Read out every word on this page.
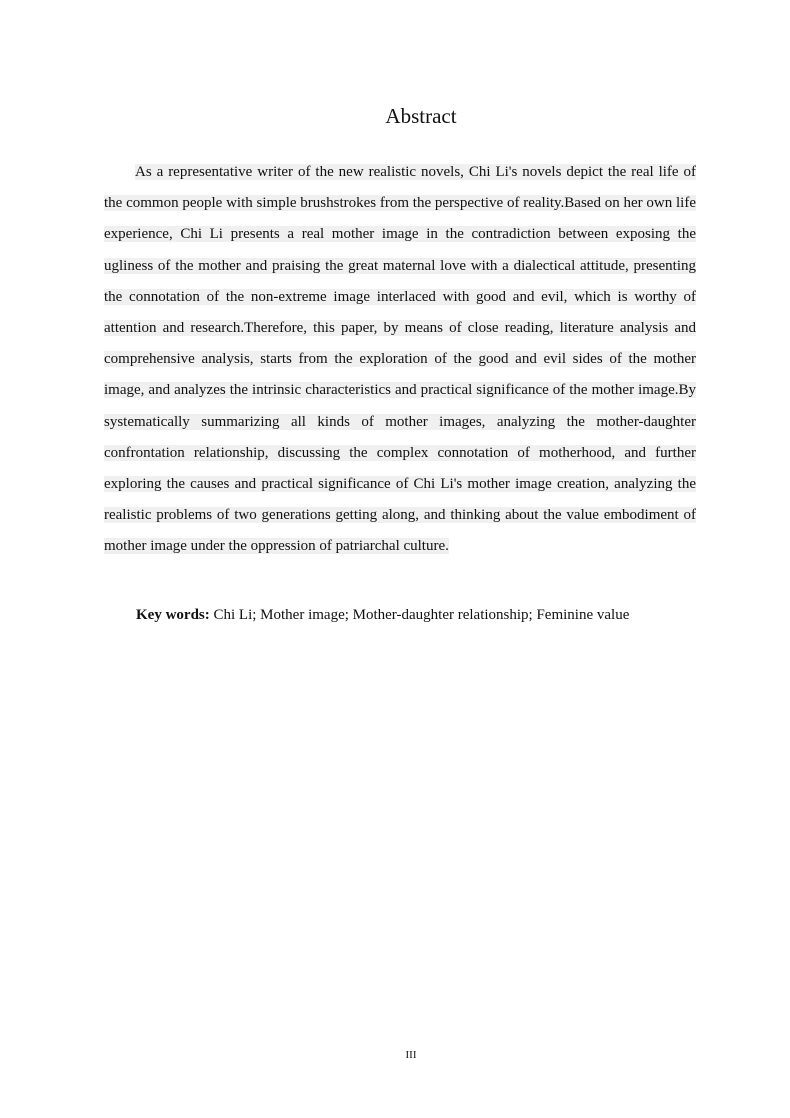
Abstract

As a representative writer of the new realistic novels, Chi Li's novels depict the real life of the common people with simple brushstrokes from the perspective of reality.Based on her own life experience, Chi Li presents a real mother image in the contradiction between exposing the ugliness of the mother and praising the great maternal love with a dialectical attitude, presenting the connotation of the non-extreme image interlaced with good and evil, which is worthy of attention and research.Therefore, this paper, by means of close reading, literature analysis and comprehensive analysis, starts from the exploration of the good and evil sides of the mother image, and analyzes the intrinsic characteristics and practical significance of the mother image.By systematically summarizing all kinds of mother images, analyzing the mother-daughter confrontation relationship, discussing the complex connotation of motherhood, and further exploring the causes and practical significance of Chi Li's mother image creation, analyzing the realistic problems of two generations getting along, and thinking about the value embodiment of mother image under the oppression of patriarchal culture.

Key words: Chi Li; Mother image; Mother-daughter relationship; Feminine value
III
